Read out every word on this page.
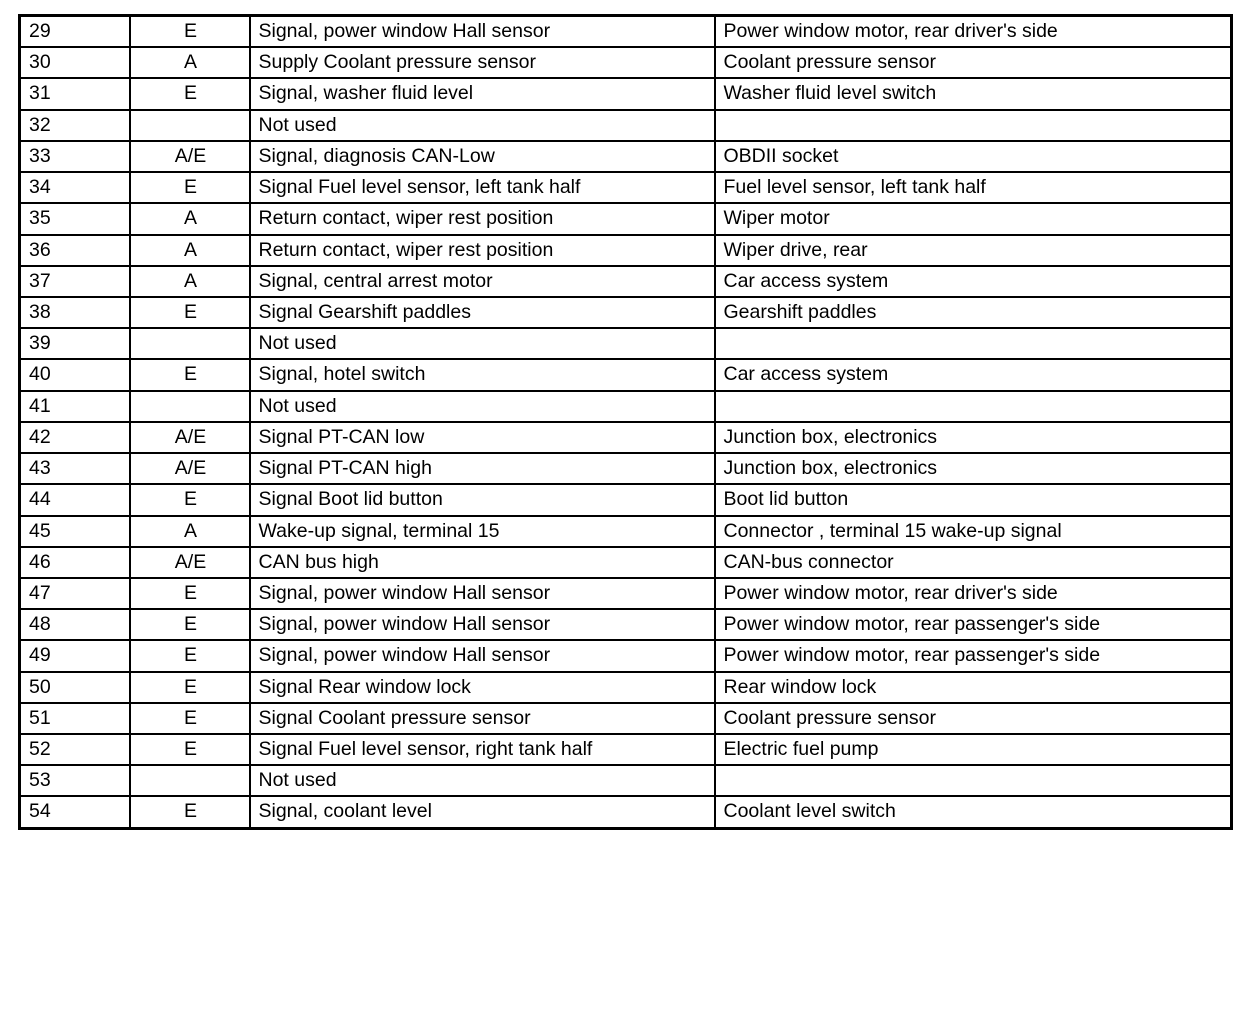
29	E	Signal, power window Hall sensor	Power window motor, rear driver's side
30	A	Supply Coolant pressure sensor	Coolant pressure sensor
31	E	Signal, washer fluid level	Washer fluid level switch
32		Not used	
33	A/E	Signal, diagnosis CAN-Low	OBDII socket
34	E	Signal Fuel level sensor, left tank half	Fuel level sensor, left tank half
35	A	Return contact, wiper rest position	Wiper motor
36	A	Return contact, wiper rest position	Wiper drive, rear
37	A	Signal, central arrest motor	Car access system
38	E	Signal Gearshift paddles	Gearshift paddles
39		Not used	
40	E	Signal, hotel switch	Car access system
41		Not used	
42	A/E	Signal PT-CAN low	Junction box, electronics
43	A/E	Signal PT-CAN high	Junction box, electronics
44	E	Signal Boot lid button	Boot lid button
45	A	Wake-up signal, terminal 15	Connector , terminal 15 wake-up signal
46	A/E	CAN bus high	CAN-bus connector
47	E	Signal, power window Hall sensor	Power window motor, rear driver's side
48	E	Signal, power window Hall sensor	Power window motor, rear passenger's side
49	E	Signal, power window Hall sensor	Power window motor, rear passenger's side
50	E	Signal Rear window lock	Rear window lock
51	E	Signal Coolant pressure sensor	Coolant pressure sensor
52	E	Signal Fuel level sensor, right tank half	Electric fuel pump
53		Not used	
54	E	Signal, coolant level	Coolant level switch
